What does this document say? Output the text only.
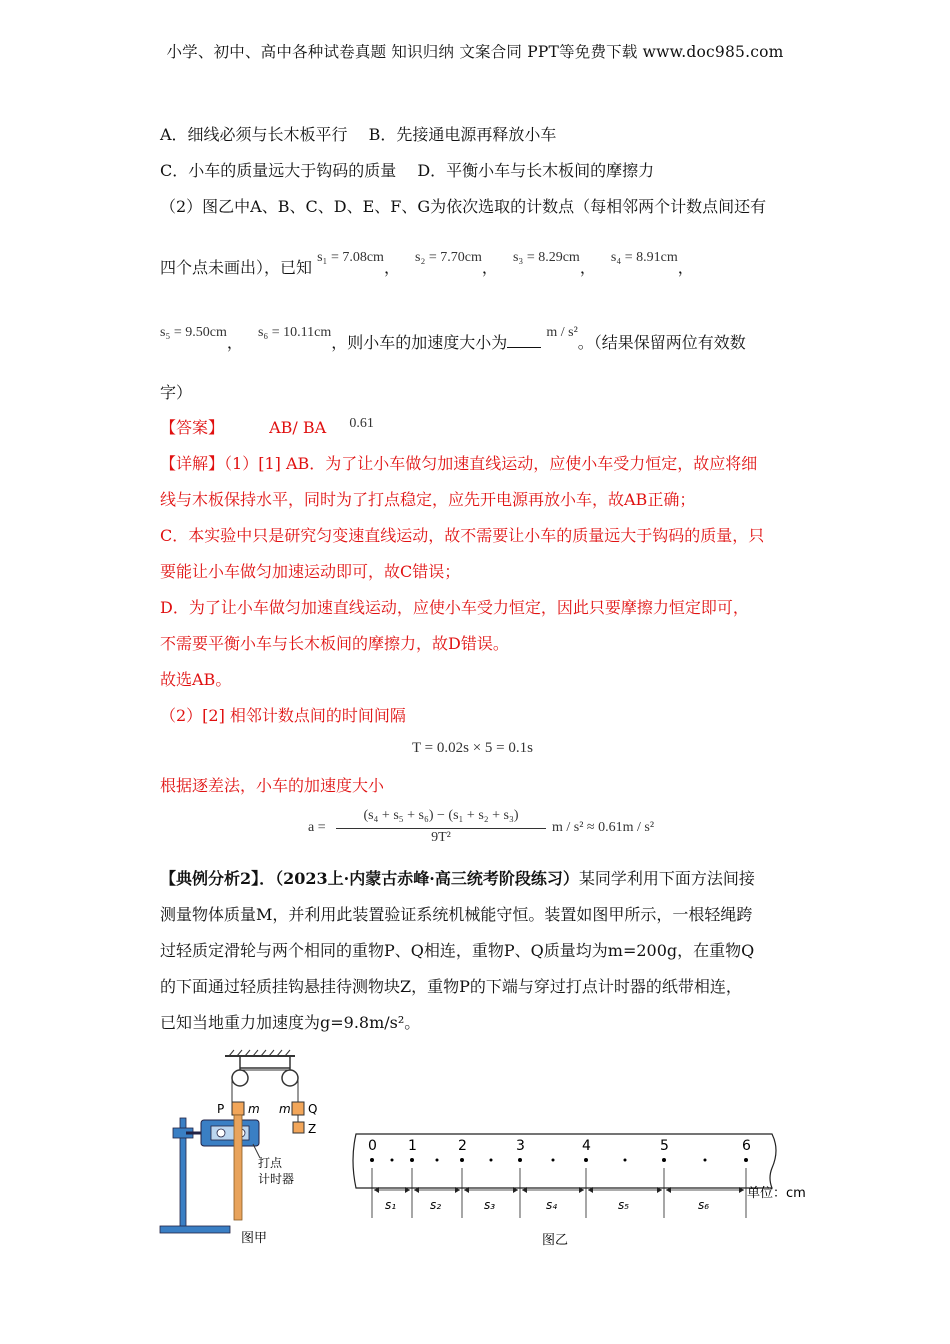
小学、初中、高中各种试卷真题 知识归纳 文案合同 PPT等免费下载 www.doc985.com
A．细线必须与长木板平行　 B．先接通电源再释放小车
C．小车的质量远大于钩码的质量　 D．平衡小车与长木板间的摩擦力
（2）图乙中A、B、C、D、E、F、G为依次选取的计数点（每相邻两个计数点间还有
四个点未画出），已知 s₁ = 7.08cm， s₂ = 7.70cm， s₃ = 8.29cm， s₄ = 8.91cm，
s₅ = 9.50cm， s₆ = 10.11cm，则小车的加速度大小为 m / s²。（结果保留两位有效数
字）
【答案】	AB/ BA 0.61
【详解】（1）[1] AB．为了让小车做匀加速直线运动，应使小车受力恒定，故应将细
线与木板保持水平，同时为了打点稳定，应先开电源再放小车，故AB正确；
C．本实验中只是研究匀变速直线运动，故不需要让小车的质量远大于钩码的质量，只
要能让小车做匀加速运动即可，故C错误；
D．为了让小车做匀加速直线运动，应使小车受力恒定，因此只要摩擦力恒定即可，
不需要平衡小车与长木板间的摩擦力，故D错误。
故选AB。
（2）[2] 相邻计数点间的时间间隔
T = 0.02s × 5 = 0.1s
根据逐差法，小车的加速度大小
a =
(s₄ + s₅ + s₆) − (s₁ + s₂ + s₃)
9T²
m / s² ≈ 0.61m / s²
【典例分析2】．（2023上·内蒙古赤峰·高三统考阶段练习）某同学利用下面方法间接
测量物体质量M，并利用此装置验证系统机械能守恒。装置如图甲所示，一根轻绳跨
过轻质定滑轮与两个相同的重物P、Q相连，重物P、Q质量均为m=200g，在重物Q
的下面通过轻质挂钩悬挂待测物块Z，重物P的下端与穿过打点计时器的纸带相连，
已知当地重力加速度为g=9.8m/s²。
P m m Q
Z
打点
计时器
图甲
0 1	2	3	4	5	6
s₁	s₂	s₃	s₄	s₅	s₆
单位：cm
图乙
